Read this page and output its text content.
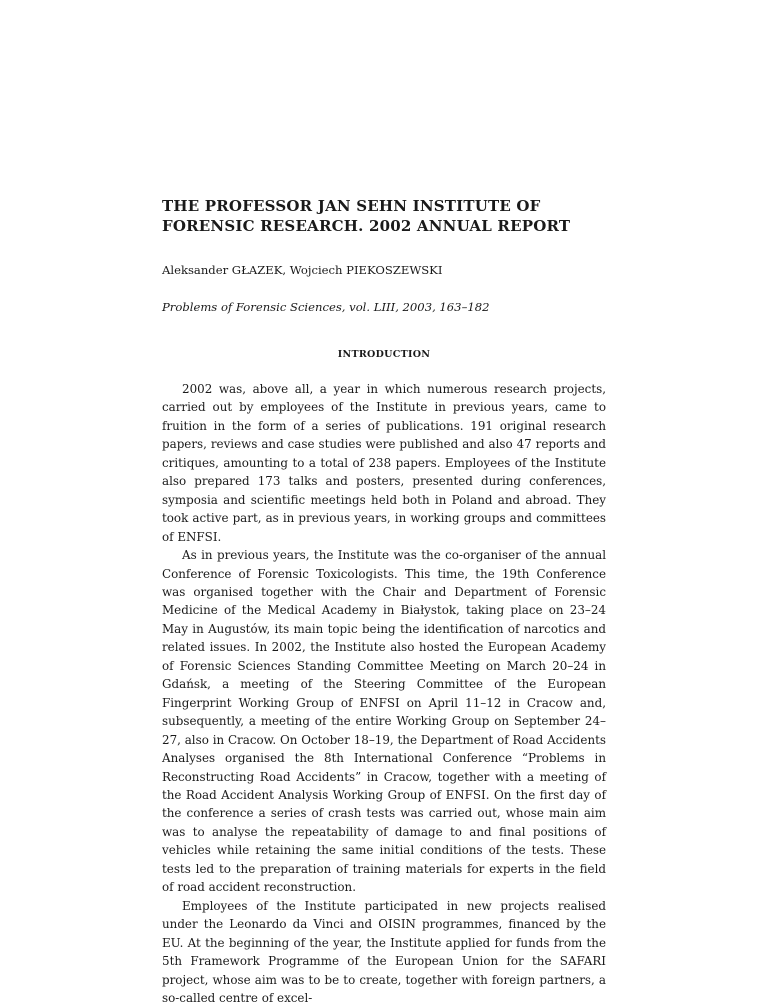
THE PROFESSOR JAN SEHN INSTITUTE OF FORENSIC RESEARCH. 2002 ANNUAL REPORT

Aleksander GŁAZEK, Wojciech PIEKOSZEWSKI

Problems of Forensic Sciences, vol. LIII, 2003, 163–182

INTRODUCTION

2002 was, above all, a year in which numerous research projects, carried out by employees of the Institute in previous years, came to fruition in the form of a series of publications. 191 original research papers, reviews and case studies were published and also 47 reports and critiques, amounting to a total of 238 papers. Employees of the Institute also prepared 173 talks and posters, presented during conferences, symposia and scientific meetings held both in Poland and abroad. They took active part, as in previous years, in working groups and committees of ENFSI.

As in previous years, the Institute was the co-organiser of the annual Conference of Forensic Toxicologists. This time, the 19th Conference was organised together with the Chair and Department of Forensic Medicine of the Medical Academy in Białystok, taking place on 23–24 May in Augustów, its main topic being the identification of narcotics and related issues. In 2002, the Institute also hosted the European Academy of Forensic Sciences Standing Committee Meeting on March 20–24 in Gdańsk, a meeting of the Steering Committee of the European Fingerprint Working Group of ENFSI on April 11–12 in Cracow and, subsequently, a meeting of the entire Working Group on September 24–27, also in Cracow. On October 18–19, the Department of Road Accidents Analyses organised the 8th International Conference “Problems in Reconstructing Road Accidents” in Cracow, together with a meeting of the Road Accident Analysis Working Group of ENFSI. On the first day of the conference a series of crash tests was carried out, whose main aim was to analyse the repeatability of damage to and final positions of vehicles while retaining the same initial conditions of the tests. These tests led to the preparation of training materials for experts in the field of road accident reconstruction.

Employees of the Institute participated in new projects realised under the Leonardo da Vinci and OISIN programmes, financed by the EU. At the beginning of the year, the Institute applied for funds from the 5th Framework Programme of the European Union for the SAFARI project, whose aim was to be to create, together with foreign partners, a so-called centre of excel-
